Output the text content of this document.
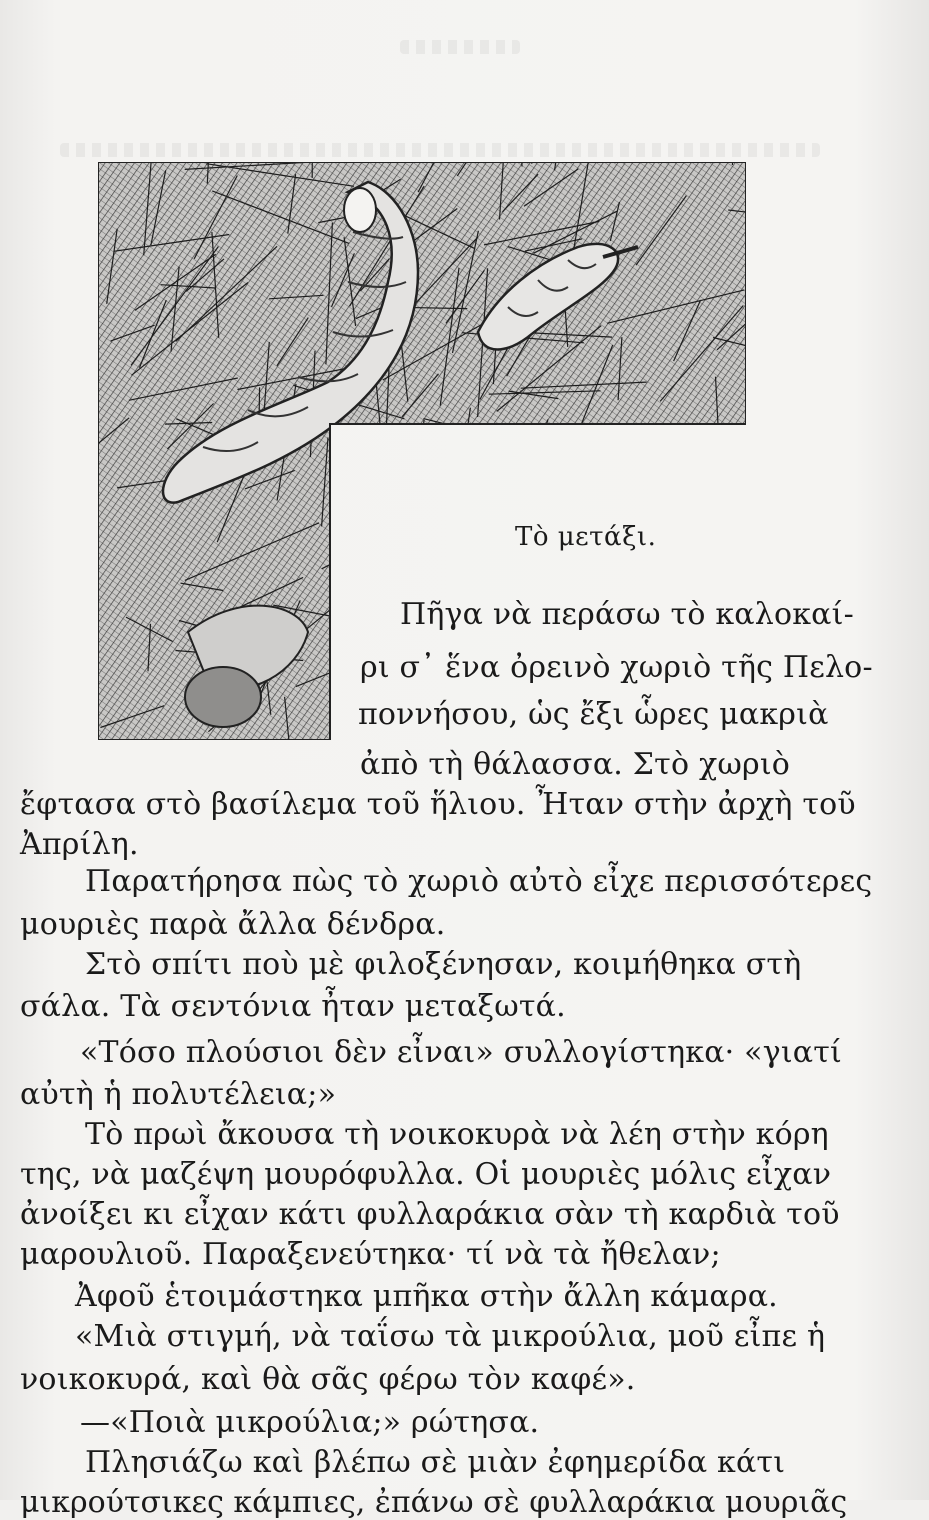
Τὸ μετάξι.
Πῆγα νὰ περάσω τὸ καλοκαί-
ρι σ᾽ ἕνα ὀρεινὸ χωριὸ τῆς Πελο-
ποννήσου, ὡς ἔξι ὧρες μακριὰ
ἀπὸ τὴ θάλασσα. Στὸ χωριὸ
ἔφτασα στὸ βασίλεμα τοῦ ἥλιου. Ἦταν στὴν ἀρχὴ τοῦ
Ἀπρίλη.
Παρατήρησα πὼς τὸ χωριὸ αὐτὸ εἶχε περισσότερες
μουριὲς παρὰ ἄλλα δένδρα.
Στὸ σπίτι ποὺ μὲ φιλοξένησαν, κοιμήθηκα στὴ
σάλα. Τὰ σεντόνια ἦταν μεταξωτά.
«Τόσο πλούσιοι δὲν εἶναι» συλλογίστηκα· «γιατί
αὐτὴ ἡ πολυτέλεια;»
Τὸ πρωὶ ἄκουσα τὴ νοικοκυρὰ νὰ λέη στὴν κόρη
της, νὰ μαζέψη μουρόφυλλα. Οἱ μουριὲς μόλις εἶχαν
ἀνοίξει κι εἶχαν κάτι φυλλαράκια σὰν τὴ καρδιὰ τοῦ
μαρουλιοῦ. Παραξενεύτηκα· τί νὰ τὰ ἤθελαν;
Ἀφοῦ ἑτοιμάστηκα μπῆκα στὴν ἄλλη κάμαρα.
«Μιὰ στιγμή, νὰ ταΐσω τὰ μικρούλια, μοῦ εἶπε ἡ
νοικοκυρά, καὶ θὰ σᾶς φέρω τὸν καφέ».
—«Ποιὰ μικρούλια;» ρώτησα.
Πλησιάζω καὶ βλέπω σὲ μιὰν ἐφημερίδα κάτι
μικρούτσικες κάμπιες, ἐπάνω σὲ φυλλαράκια μουριᾶς
